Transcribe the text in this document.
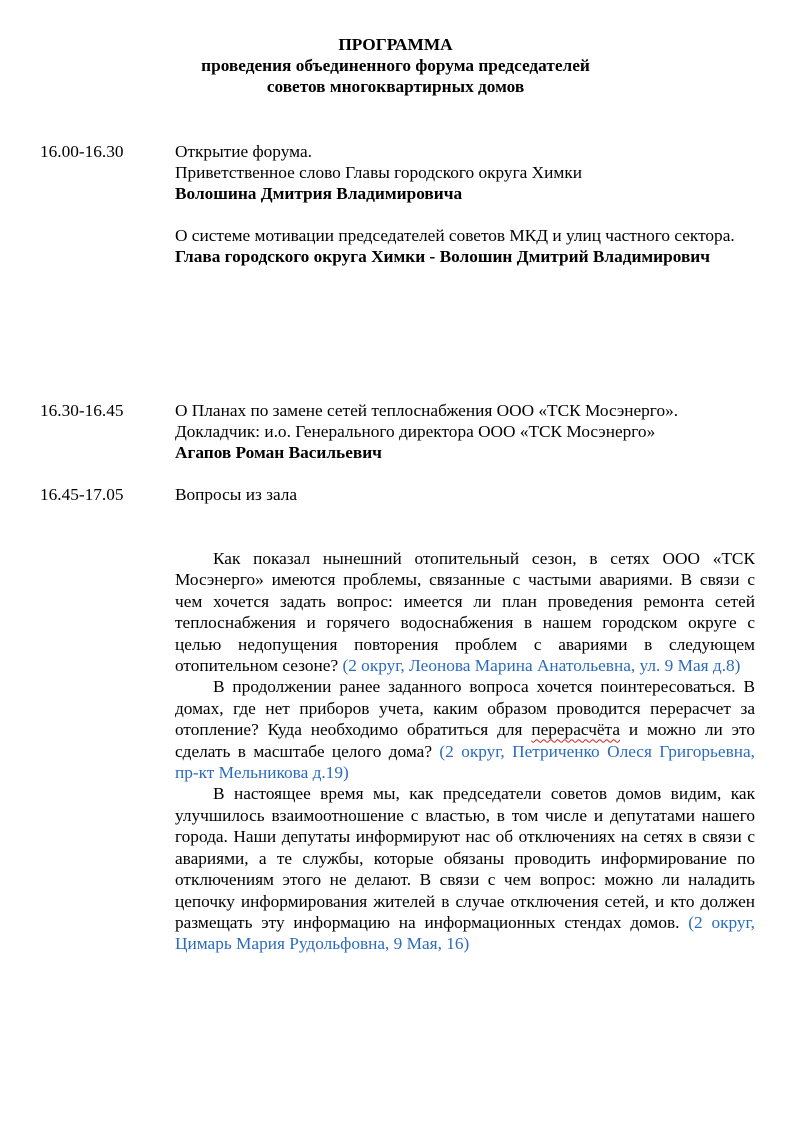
ПРОГРАММА
проведения объединенного форума председателей
советов многоквартирных домов
16.00-16.30	Открытие форума.
Приветственное слово Главы городского округа Химки
Волошина Дмитрия Владимировича
О системе мотивации председателей советов МКД и улиц частного сектора.
Глава городского округа Химки - Волошин Дмитрий Владимирович
16.30-16.45	О Планах по замене сетей теплоснабжения ООО «ТСК Мосэнерго».
Докладчик: и.о. Генерального директора ООО «ТСК Мосэнерго»
Агапов Роман Васильевич
16.45-17.05	Вопросы из зала

Как показал нынешний отопительный сезон, в сетях ООО «ТСК Мосэнерго» имеются проблемы, связанные с частыми авариями. В связи с чем хочется задать вопрос: имеется ли план проведения ремонта сетей теплоснабжения и горячего водоснабжения в нашем городском округе с целью недопущения повторения проблем с авариями в следующем отопительном сезоне? (2 округ, Леонова Марина Анатольевна, ул. 9 Мая д.8)

В продолжении ранее заданного вопроса хочется поинтересоваться. В домах, где нет приборов учета, каким образом проводится перерасчет за отопление? Куда необходимо обратиться для перерасчёта и можно ли это сделать в масштабе целого дома? (2 округ, Петриченко Олеся Григорьевна, пр-кт Мельникова д.19)

В настоящее время мы, как председатели советов домов видим, как улучшилось взаимоотношение с властью, в том числе и депутатами нашего города. Наши депутаты информируют нас об отключениях на сетях в связи с авариями, а те службы, которые обязаны проводить информирование по отключениям этого не делают. В связи с чем вопрос: можно ли наладить цепочку информирования жителей в случае отключения сетей, и кто должен размещать эту информацию на информационных стендах домов. (2 округ, Цимарь Мария Рудольфовна, 9 Мая, 16)
